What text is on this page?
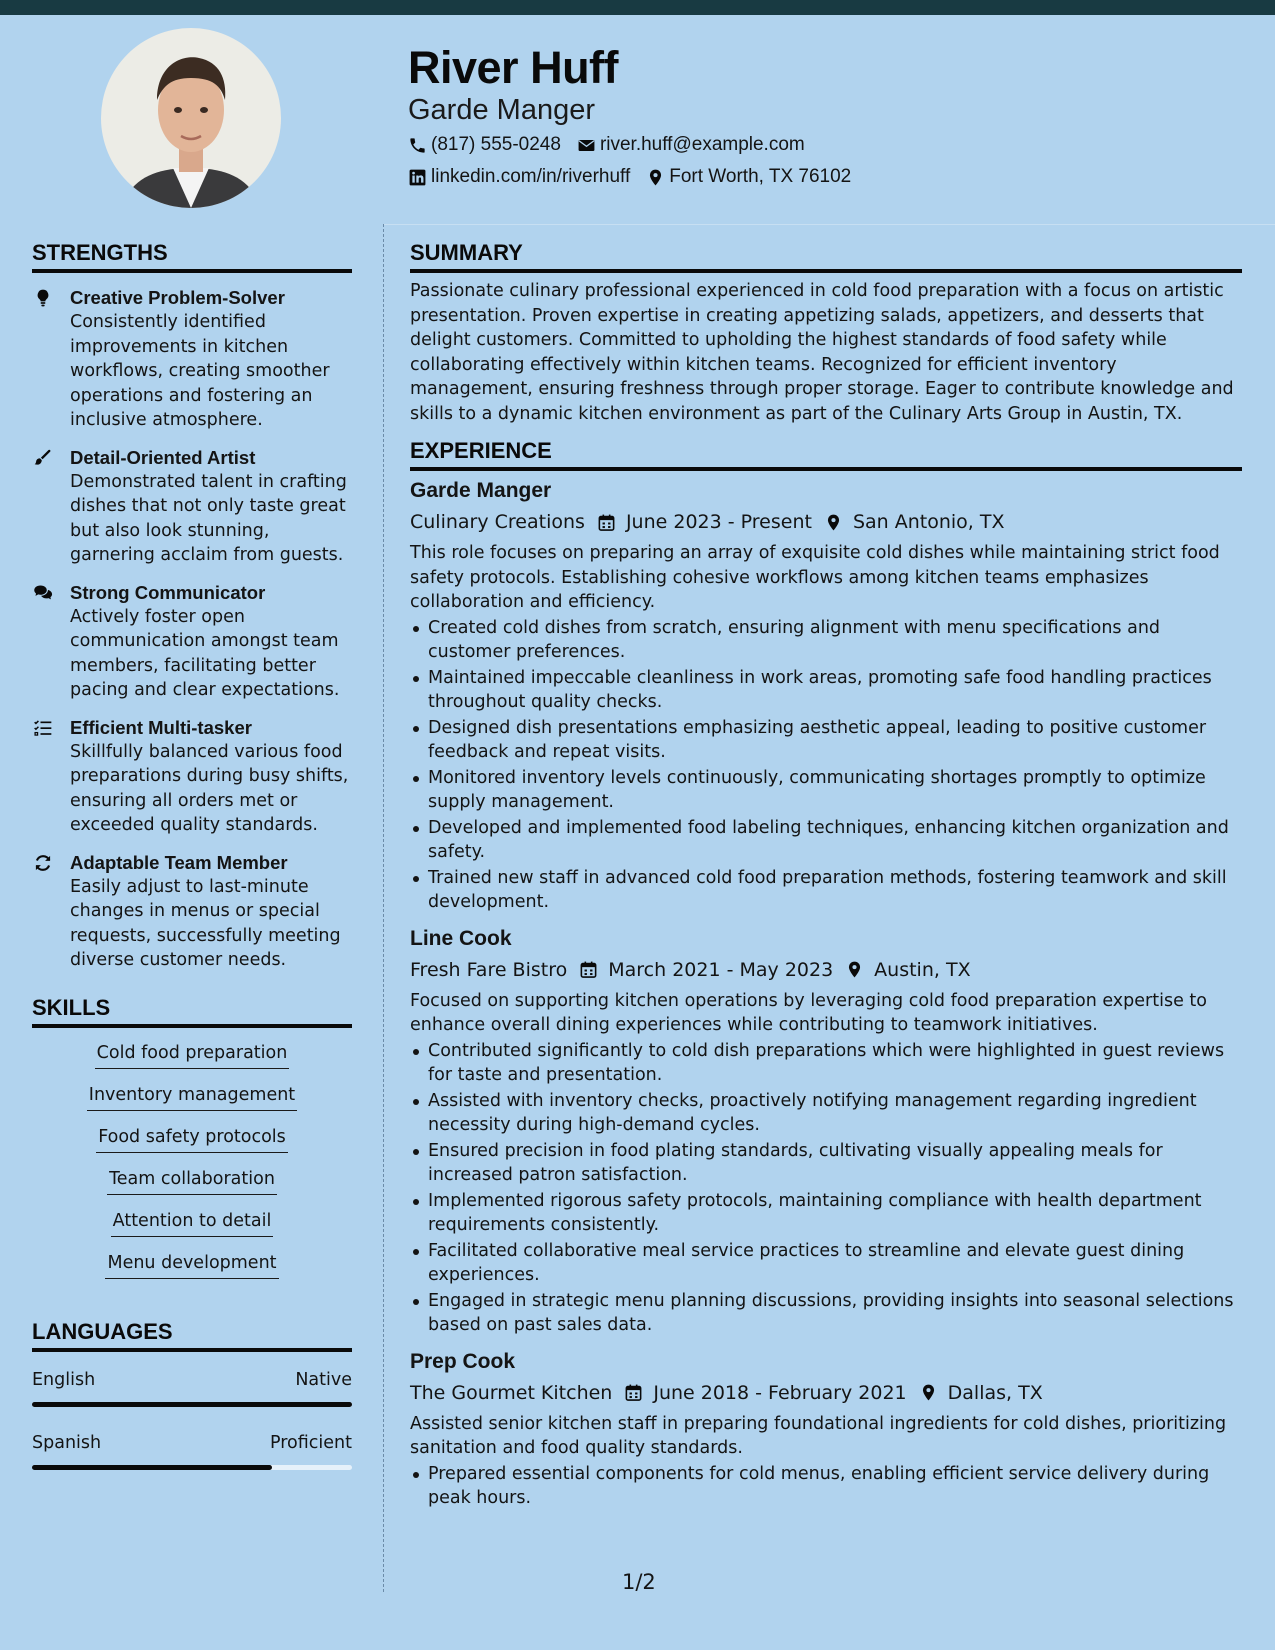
River Huff
Garde Manger
(817) 555-0248 river.huff@example.com
linkedin.com/in/riverhuff Fort Worth, TX 76102
STRENGTHS
Creative Problem-Solver
Consistently identified improvements in kitchen workflows, creating smoother operations and fostering an inclusive atmosphere.
Detail-Oriented Artist
Demonstrated talent in crafting dishes that not only taste great but also look stunning, garnering acclaim from guests.
Strong Communicator
Actively foster open communication amongst team members, facilitating better pacing and clear expectations.
Efficient Multi-tasker
Skillfully balanced various food preparations during busy shifts, ensuring all orders met or exceeded quality standards.
Adaptable Team Member
Easily adjust to last-minute changes in menus or special requests, successfully meeting diverse customer needs.
SKILLS
Cold food preparation
Inventory management
Food safety protocols
Team collaboration
Attention to detail
Menu development
LANGUAGES
English	Native
Spanish	Proficient
SUMMARY
Passionate culinary professional experienced in cold food preparation with a focus on artistic presentation. Proven expertise in creating appetizing salads, appetizers, and desserts that delight customers. Committed to upholding the highest standards of food safety while collaborating effectively within kitchen teams. Recognized for efficient inventory management, ensuring freshness through proper storage. Eager to contribute knowledge and skills to a dynamic kitchen environment as part of the Culinary Arts Group in Austin, TX.
EXPERIENCE
Garde Manger
Culinary Creations June 2023 - Present San Antonio, TX
This role focuses on preparing an array of exquisite cold dishes while maintaining strict food safety protocols. Establishing cohesive workflows among kitchen teams emphasizes collaboration and efficiency.
Created cold dishes from scratch, ensuring alignment with menu specifications and customer preferences.
Maintained impeccable cleanliness in work areas, promoting safe food handling practices throughout quality checks.
Designed dish presentations emphasizing aesthetic appeal, leading to positive customer feedback and repeat visits.
Monitored inventory levels continuously, communicating shortages promptly to optimize supply management.
Developed and implemented food labeling techniques, enhancing kitchen organization and safety.
Trained new staff in advanced cold food preparation methods, fostering teamwork and skill development.
Line Cook
Fresh Fare Bistro March 2021 - May 2023 Austin, TX
Focused on supporting kitchen operations by leveraging cold food preparation expertise to enhance overall dining experiences while contributing to teamwork initiatives.
Contributed significantly to cold dish preparations which were highlighted in guest reviews for taste and presentation.
Assisted with inventory checks, proactively notifying management regarding ingredient necessity during high-demand cycles.
Ensured precision in food plating standards, cultivating visually appealing meals for increased patron satisfaction.
Implemented rigorous safety protocols, maintaining compliance with health department requirements consistently.
Facilitated collaborative meal service practices to streamline and elevate guest dining experiences.
Engaged in strategic menu planning discussions, providing insights into seasonal selections based on past sales data.
Prep Cook
The Gourmet Kitchen June 2018 - February 2021 Dallas, TX
Assisted senior kitchen staff in preparing foundational ingredients for cold dishes, prioritizing sanitation and food quality standards.
Prepared essential components for cold menus, enabling efficient service delivery during peak hours.
1/2
